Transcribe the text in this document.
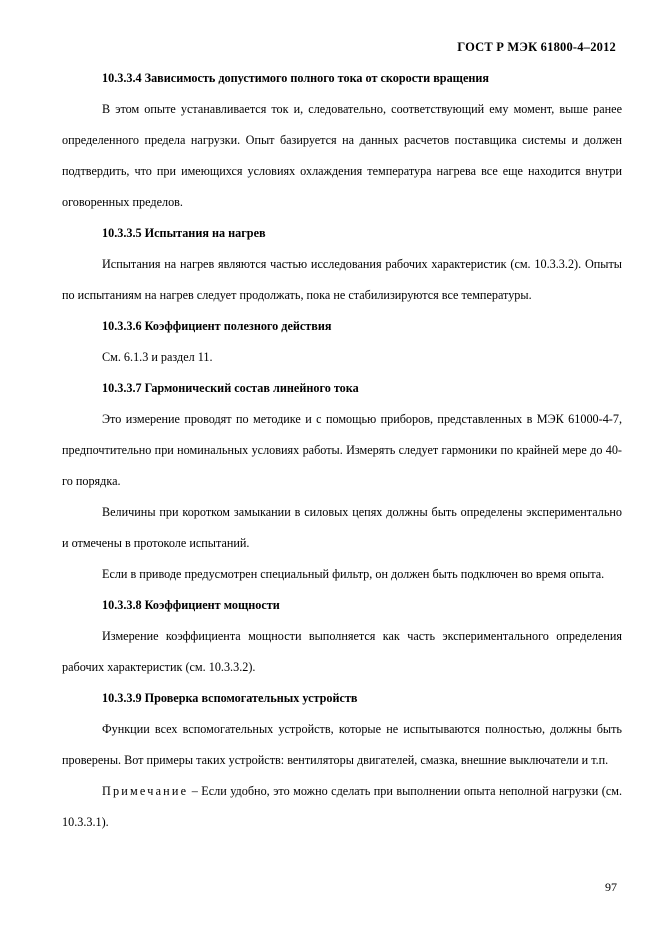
ГОСТ Р МЭК 61800-4–2012

10.3.3.4 Зависимость допустимого полного тока от скорости вращения

В этом опыте устанавливается ток и, следовательно, соответствующий ему момент, выше ранее определенного предела нагрузки. Опыт базируется на данных расчетов поставщика системы и должен подтвердить, что при имеющихся условиях охлаждения температура нагрева все еще находится внутри оговоренных пределов.

10.3.3.5 Испытания на нагрев

Испытания на нагрев являются частью исследования рабочих характеристик (см. 10.3.3.2). Опыты по испытаниям на нагрев следует продолжать, пока не стабилизируются все температуры.

10.3.3.6 Коэффициент полезного действия

См. 6.1.3 и раздел 11.

10.3.3.7 Гармонический состав линейного тока

Это измерение проводят по методике и с помощью приборов, представленных в МЭК 61000-4-7, предпочтительно при номинальных условиях работы. Измерять следует гармоники по крайней мере до 40-го порядка.

Величины при коротком замыкании в силовых цепях должны быть определены экспериментально и отмечены в протоколе испытаний.

Если в приводе предусмотрен специальный фильтр, он должен быть подключен во время опыта.

10.3.3.8 Коэффициент мощности

Измерение коэффициента мощности выполняется как часть экспериментального определения рабочих характеристик (см. 10.3.3.2).

10.3.3.9 Проверка вспомогательных устройств

Функции всех вспомогательных устройств, которые не испытываются полностью, должны быть проверены. Вот примеры таких устройств: вентиляторы двигателей, смазка, внешние выключатели и т.п.

Примечание – Если удобно, это можно сделать при выполнении опыта неполной нагрузки (см. 10.3.3.1).

97
